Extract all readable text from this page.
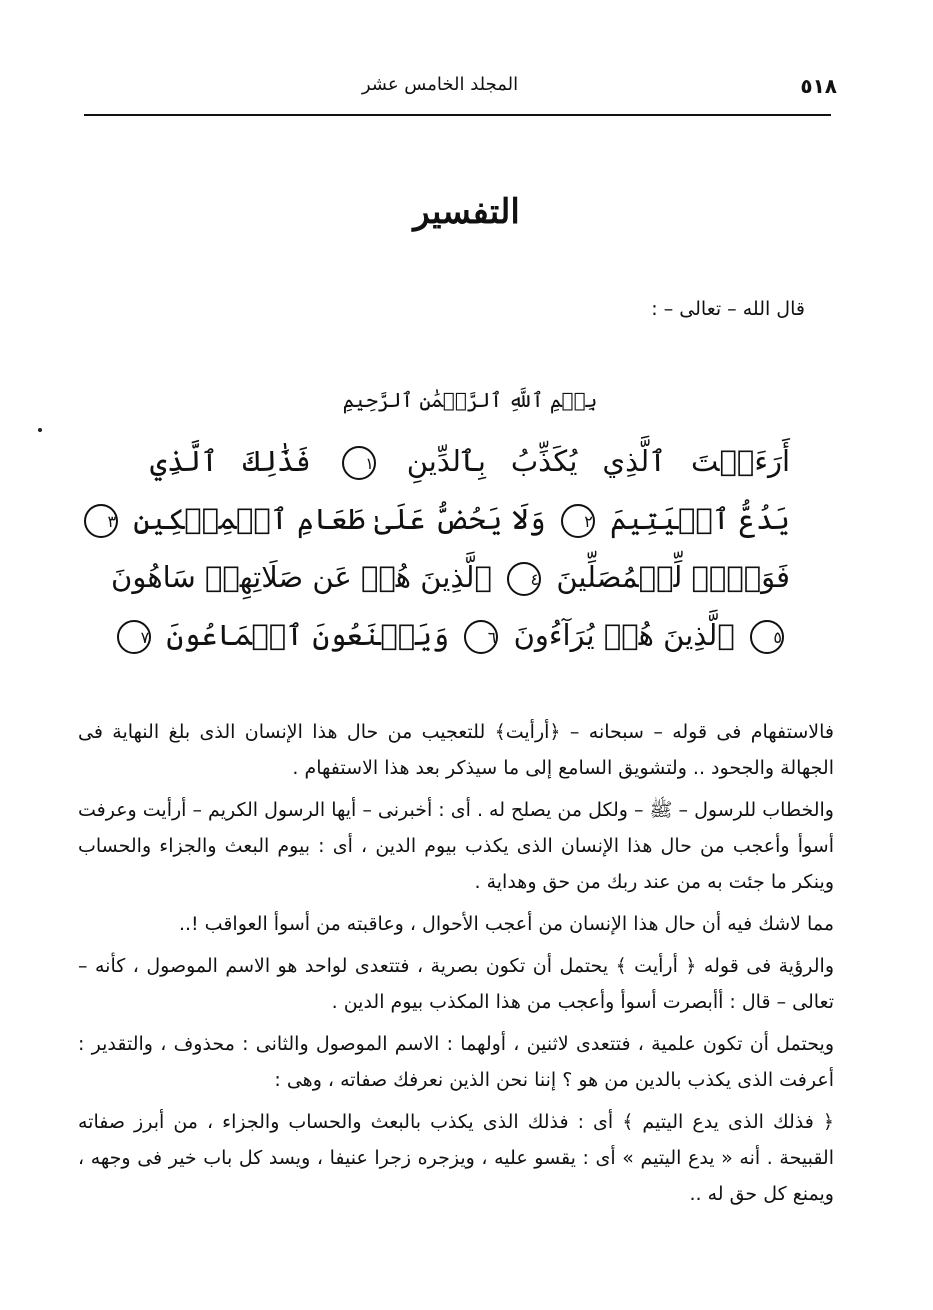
٥١٨
المجلد الخامس عشر
التفسير
قال الله – تعالى – :
بِسۡمِ ٱللَّهِ ٱلرَّحۡمَٰنِ ٱلرَّحِيمِ
أَرَءَيۡتَ ٱلَّذِي يُكَذِّبُ بِٱلدِّينِ ١ فَذَٰلِكَ ٱلَّذِي
يَدُعُّ ٱلۡيَتِيمَ ٢ وَلَا يَحُضُّ عَلَىٰ طَعَامِ ٱلۡمِسۡكِينِ ٣
فَوَيۡلٞ لِّلۡمُصَلِّينَ ٤ ٱلَّذِينَ هُمۡ عَن صَلَاتِهِمۡ سَاهُونَ
٥ ٱلَّذِينَ هُمۡ يُرَآءُونَ ٦ وَيَمۡنَعُونَ ٱلۡمَاعُونَ ٧

فالاستفهام فى قوله – سبحانه – ﴿أرأيت﴾ للتعجيب من حال هذا الإنسان الذى بلغ النهاية فى الجهالة والجحود .. ولتشويق السامع إلى ما سيذكر بعد هذا الاستفهام .

والخطاب للرسول – ﷺ – ولكل من يصلح له . أى : أخبرنى – أيها الرسول الكريم – أرأيت وعرفت أسوأ وأعجب من حال هذا الإنسان الذى يكذب بيوم الدين ، أى : بيوم البعث والجزاء والحساب وينكر ما جئت به من عند ربك من حق وهداية .

مما لاشك فيه أن حال هذا الإنسان من أعجب الأحوال ، وعاقبته من أسوأ العواقب !..

والرؤية فى قوله ﴿ أرأيت ﴾ يحتمل أن تكون بصرية ، فتتعدى لواحد هو الاسم الموصول ، كأنه – تعالى – قال : أأبصرت أسوأ وأعجب من هذا المكذب بيوم الدين .

ويحتمل أن تكون علمية ، فتتعدى لاثنين ، أولهما : الاسم الموصول والثانى : محذوف ، والتقدير : أعرفت الذى يكذب بالدين من هو ؟ إننا نحن الذين نعرفك صفاته ، وهى :

﴿ فذلك الذى يدع اليتيم ﴾ أى : فذلك الذى يكذب بالبعث والحساب والجزاء ، من أبرز صفاته القبيحة . أنه « يدع اليتيم » أى : يقسو عليه ، ويزجره زجرا عنيفا ، ويسد كل باب خير فى وجهه ، ويمنع كل حق له ..
